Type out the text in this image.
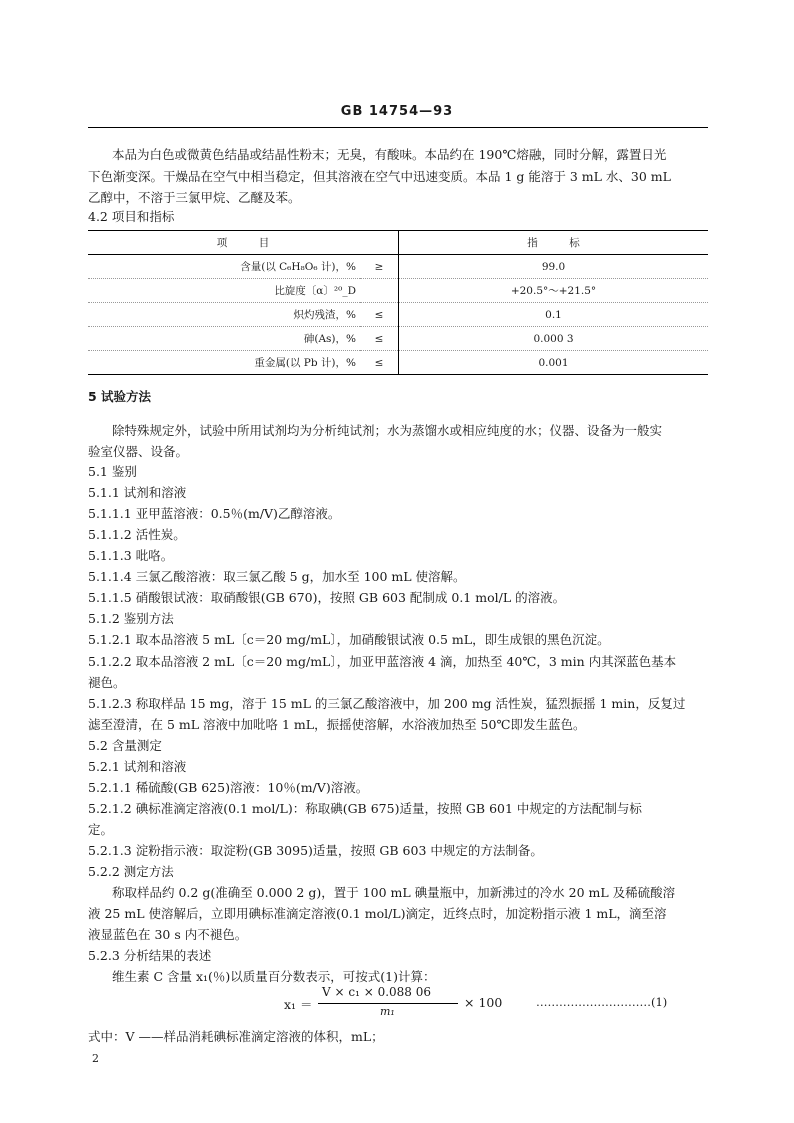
GB 14754—93
本品为白色或微黄色结晶或结晶性粉末；无臭，有酸味。本品约在 190℃熔融，同时分解，露置日光
下色渐变深。干燥品在空气中相当稳定，但其溶液在空气中迅速变质。本品 1 g 能溶于 3 mL 水、30 mL
乙醇中，不溶于三氯甲烷、乙醚及苯。
4.2 项目和指标
项　　　目		指　　　标
含量(以 C₆H₈O₆ 计)，%	≥		99.0
比旋度〔α〕²⁰_D			+20.5°～+21.5°
炽灼残渣，%	≤		0.1
砷(As)，%	≤		0.000 3
重金属(以 Pb 计)，%	≤		0.001
5 试验方法
除特殊规定外，试验中所用试剂均为分析纯试剂；水为蒸馏水或相应纯度的水；仪器、设备为一般实
验室仪器、设备。
5.1 鉴别
5.1.1 试剂和溶液
5.1.1.1 亚甲蓝溶液：0.5％(m/V)乙醇溶液。
5.1.1.2 活性炭。
5.1.1.3 吡咯。
5.1.1.4 三氯乙酸溶液：取三氯乙酸 5 g，加水至 100 mL 使溶解。
5.1.1.5 硝酸银试液：取硝酸银(GB 670)，按照 GB 603 配制成 0.1 mol/L 的溶液。
5.1.2 鉴别方法
5.1.2.1 取本品溶液 5 mL〔c＝20 mg/mL〕，加硝酸银试液 0.5 mL，即生成银的黑色沉淀。
5.1.2.2 取本品溶液 2 mL〔c＝20 mg/mL〕，加亚甲蓝溶液 4 滴，加热至 40℃，3 min 内其深蓝色基本
褪色。
5.1.2.3 称取样品 15 mg，溶于 15 mL 的三氯乙酸溶液中，加 200 mg 活性炭，猛烈振摇 1 min，反复过
滤至澄清，在 5 mL 溶液中加吡咯 1 mL，振摇使溶解，水浴液加热至 50℃即发生蓝色。
5.2 含量测定
5.2.1 试剂和溶液
5.2.1.1 稀硫酸(GB 625)溶液：10％(m/V)溶液。
5.2.1.2 碘标准滴定溶液(0.1 mol/L)：称取碘(GB 675)适量，按照 GB 601 中规定的方法配制与标
定。
5.2.1.3 淀粉指示液：取淀粉(GB 3095)适量，按照 GB 603 中规定的方法制备。
5.2.2 测定方法
称取样品约 0.2 g(准确至 0.000 2 g)，置于 100 mL 碘量瓶中，加新沸过的冷水 20 mL 及稀硫酸溶
液 25 mL 使溶解后，立即用碘标准滴定溶液(0.1 mol/L)滴定，近终点时，加淀粉指示液 1 mL，滴至溶
液显蓝色在 30 s 内不褪色。
5.2.3 分析结果的表述
维生素 C 含量 x₁(％)以质量百分数表示，可按式(1)计算：
x₁ ＝
V × c₁ × 0.088 06
m₁
× 100	…………………………(1)
式中：V ——样品消耗碘标准滴定溶液的体积，mL；
2
